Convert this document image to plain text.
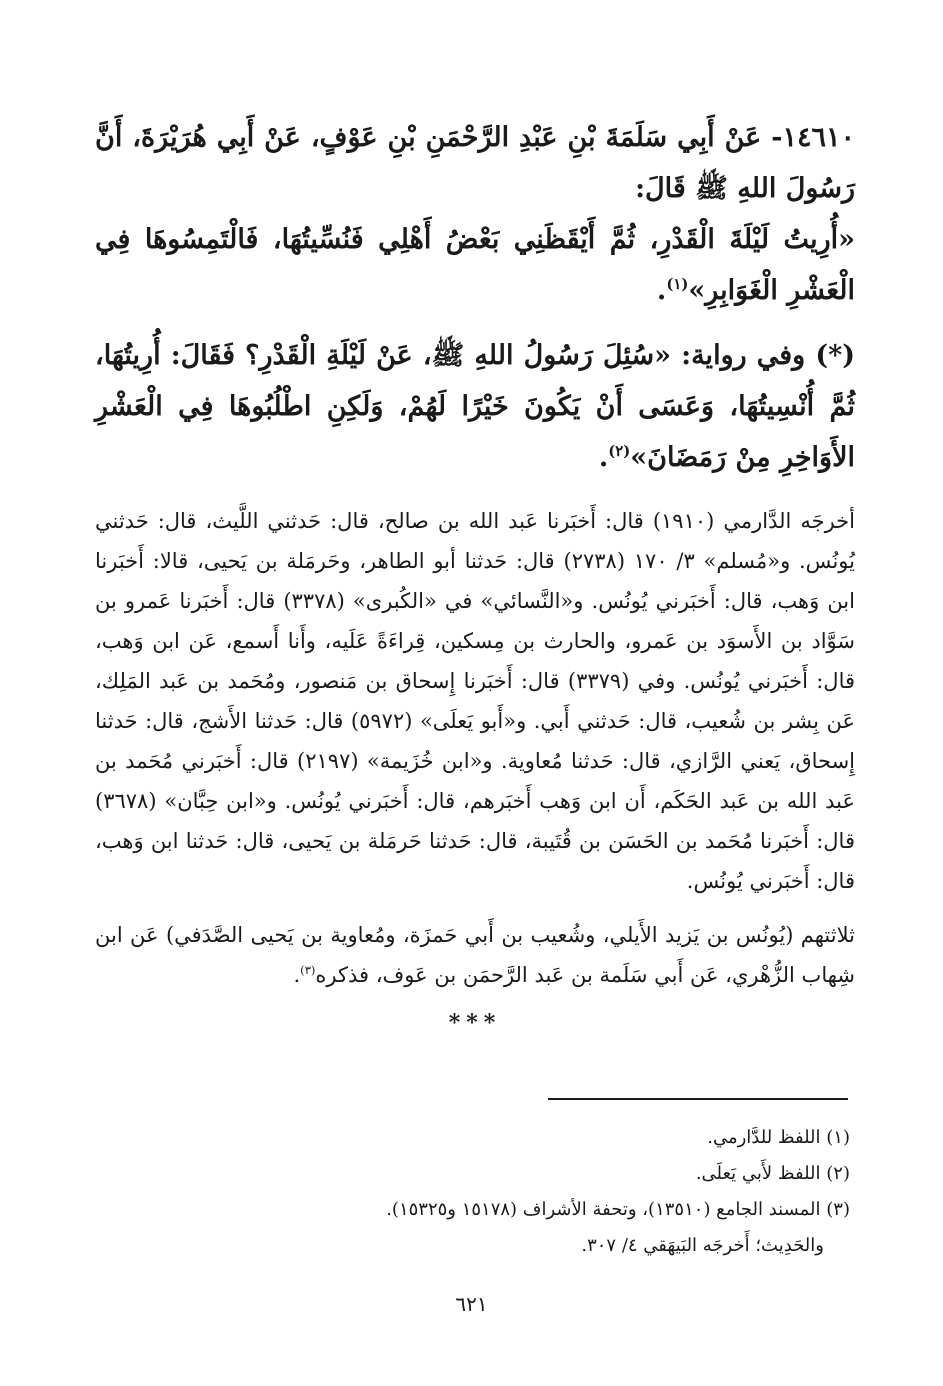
١٤٦١٠- عَنْ أَبِي سَلَمَةَ بْنِ عَبْدِ الرَّحْمَنِ بْنِ عَوْفٍ، عَنْ أَبِي هُرَيْرَةَ، أَنَّ رَسُولَ اللهِ ﷺ قَالَ:

«أُرِيتُ لَيْلَةَ الْقَدْرِ، ثُمَّ أَيْقَظَنِي بَعْضُ أَهْلِي فَنُسِّيتُهَا، فَالْتَمِسُوهَا فِي الْعَشْرِ الْغَوَابِرِ»$^{(١)}$.

(*) وفي رواية: «سُئِلَ رَسُولُ اللهِ ﷺ، عَنْ لَيْلَةِ الْقَدْرِ؟ فَقَالَ: أُرِيتُهَا، ثُمَّ أُنْسِيتُهَا، وَعَسَى أَنْ يَكُونَ خَيْرًا لَهُمْ، وَلَكِنِ اطْلُبُوهَا فِي الْعَشْرِ الأَوَاخِرِ مِنْ رَمَضَانَ»$^{(٢)}$.

أخرجَه الدَّارمي (١٩١٠) قال: أَخبَرنا عَبد الله بن صالح، قال: حَدثني اللَّيث، قال: حَدثني يُونُس. و«مُسلم» ٣/ ١٧٠ (٢٧٣٨) قال: حَدثنا أبو الطاهر، وحَرمَلة بن يَحيى، قالا: أَخبَرنا ابن وَهب، قال: أَخبَرني يُونُس. و«النَّسائي» في «الكُبرى» (٣٣٧٨) قال: أَخبَرنا عَمرو بن سَوَّاد بن الأَسوَد بن عَمرو، والحارث بن مِسكين، قِراءَةً عَلَيه، وأَنا أَسمع، عَن ابن وَهب، قال: أَخبَرني يُونُس. وفي (٣٣٧٩) قال: أَخبَرنا إِسحاق بن مَنصور، ومُحَمد بن عَبد المَلِك، عَن بِشر بن شُعيب، قال: حَدثني أَبي. و«أَبو يَعلَى» (٥٩٧٢) قال: حَدثنا الأَشج، قال: حَدثنا إِسحاق، يَعني الرَّازي، قال: حَدثنا مُعاوية. و«ابن خُزَيمة» (٢١٩٧) قال: أَخبَرني مُحَمد بن عَبد الله بن عَبد الحَكَم، أَن ابن وَهب أَخبَرهم، قال: أَخبَرني يُونُس. و«ابن حِبَّان» (٣٦٧٨) قال: أَخبَرنا مُحَمد بن الحَسَن بن قُتَيبة، قال: حَدثنا حَرمَلة بن يَحيى، قال: حَدثنا ابن وَهب، قال: أَخبَرني يُونُس.

ثلاثتهم (يُونُس بن يَزيد الأَيلي، وشُعيب بن أَبي حَمزَة، ومُعاوية بن يَحيى الصَّدَفي) عَن ابن شِهاب الزُّهْري، عَن أَبي سَلَمة بن عَبد الرَّحمَن بن عَوف، فذكره$^{(٣)}$.

***

(١) اللفظ للدَّارمي.

(٢) اللفظ لأَبي يَعلَى.

(٣) المسند الجامع (١٣٥١٠)، وتحفة الأشراف (١٥١٧٨ و١٥٣٢٥).

والحَدِيث؛ أَخرجَه البَيهَقي ٤/ ٣٠٧.

٦٢١
